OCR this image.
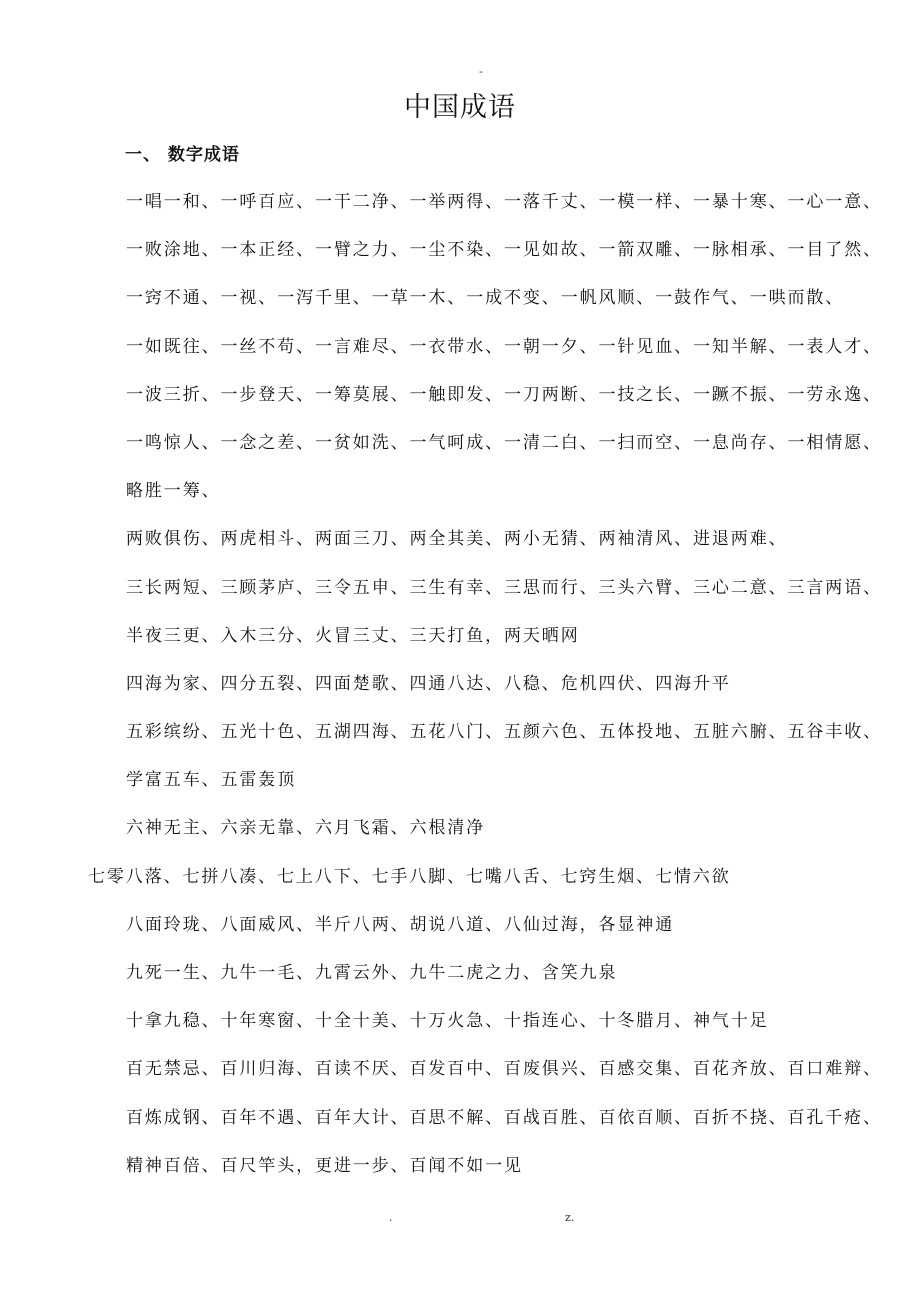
-
中国成语
一、 数字成语
一唱一和、一呼百应、一干二净、一举两得、一落千丈、一模一样、一暴十寒、一心一意、
一败涂地、一本正经、一臂之力、一尘不染、一见如故、一箭双雕、一脉相承、一目了然、
一窍不通、一视、一泻千里、一草一木、一成不变、一帆风顺、一鼓作气、一哄而散、
一如既往、一丝不苟、一言难尽、一衣带水、一朝一夕、一针见血、一知半解、一表人才、
一波三折、一步登天、一筹莫展、一触即发、一刀两断、一技之长、一蹶不振、一劳永逸、
一鸣惊人、一念之差、一贫如洗、一气呵成、一清二白、一扫而空、一息尚存、一相情愿、
略胜一筹、
两败俱伤、两虎相斗、两面三刀、两全其美、两小无猜、两袖清风、进退两难、
三长两短、三顾茅庐、三令五申、三生有幸、三思而行、三头六臂、三心二意、三言两语、
半夜三更、入木三分、火冒三丈、三天打鱼，两天晒网
四海为家、四分五裂、四面楚歌、四通八达、八稳、危机四伏、四海升平
五彩缤纷、五光十色、五湖四海、五花八门、五颜六色、五体投地、五脏六腑、五谷丰收、
学富五车、五雷轰顶
六神无主、六亲无靠、六月飞霜、六根清净
七零八落、七拼八凑、七上八下、七手八脚、七嘴八舌、七窍生烟、七情六欲
八面玲珑、八面威风、半斤八两、胡说八道、八仙过海，各显神通
九死一生、九牛一毛、九霄云外、九牛二虎之力、含笑九泉
十拿九稳、十年寒窗、十全十美、十万火急、十指连心、十冬腊月、神气十足
百无禁忌、百川归海、百读不厌、百发百中、百废俱兴、百感交集、百花齐放、百口难辩、
百炼成钢、百年不遇、百年大计、百思不解、百战百胜、百依百顺、百折不挠、百孔千疮、
精神百倍、百尺竿头，更进一步、百闻不如一见
.	z.
